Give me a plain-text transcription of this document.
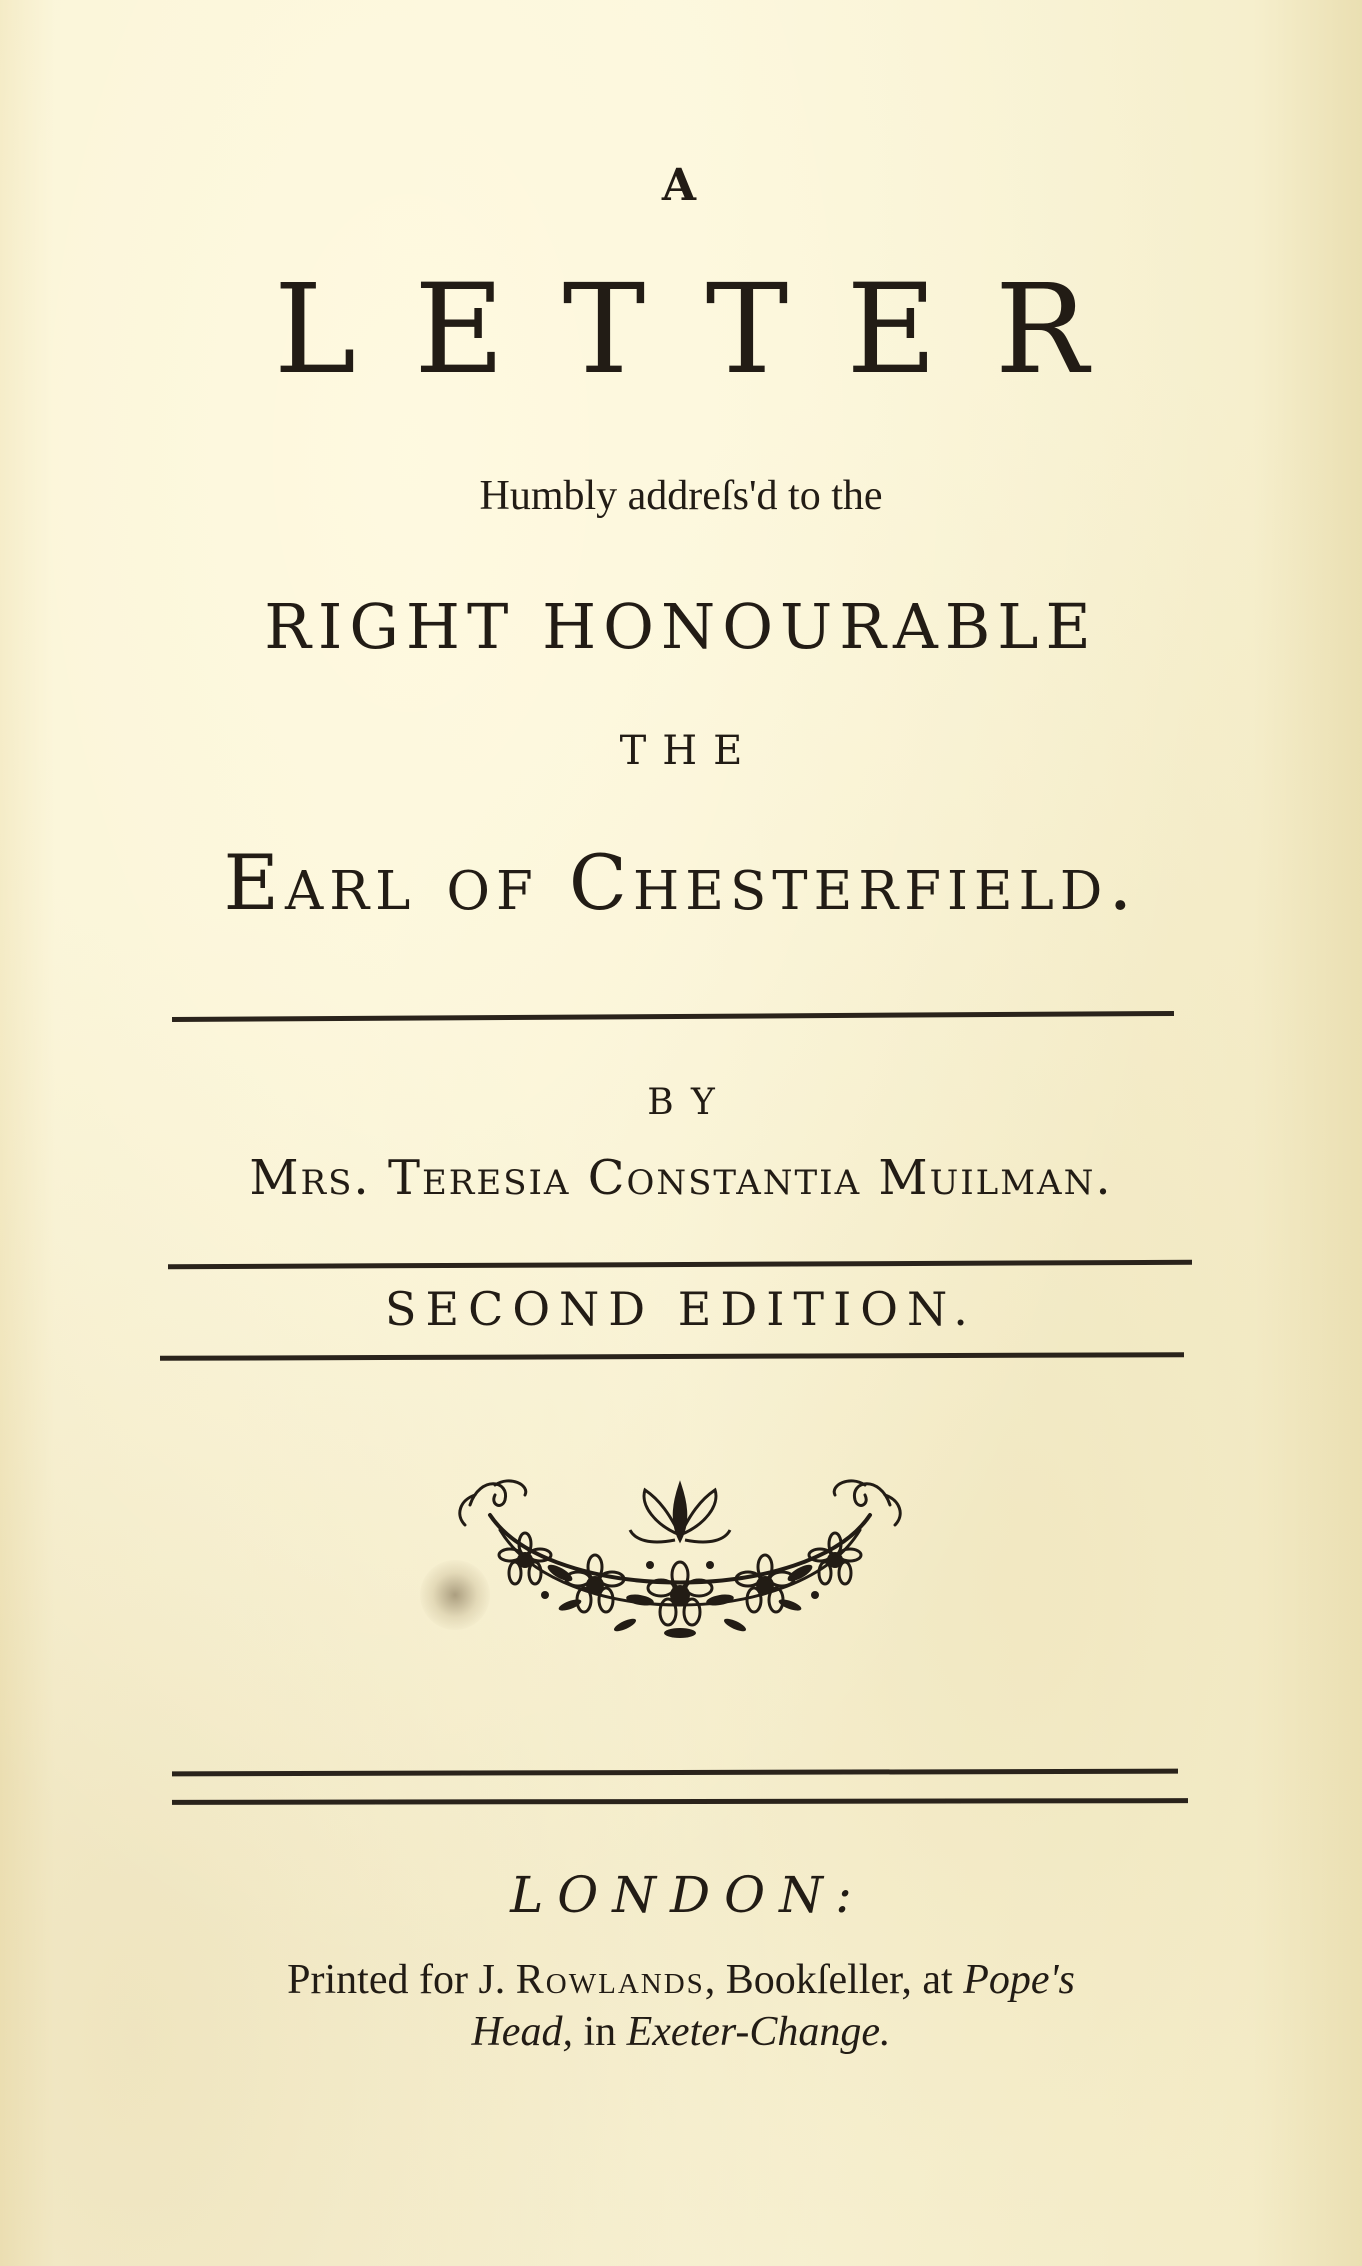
A
LETTER
Humbly addreſs'd to the
RIGHT HONOURABLE
THE
Earl of Chesterfield.
BY
Mrs. Teresia Constantia Muilman.
SECOND EDITION.
LONDON:
Printed for J. Rowlands, Bookſeller, at Pope's
Head, in Exeter-Change.
